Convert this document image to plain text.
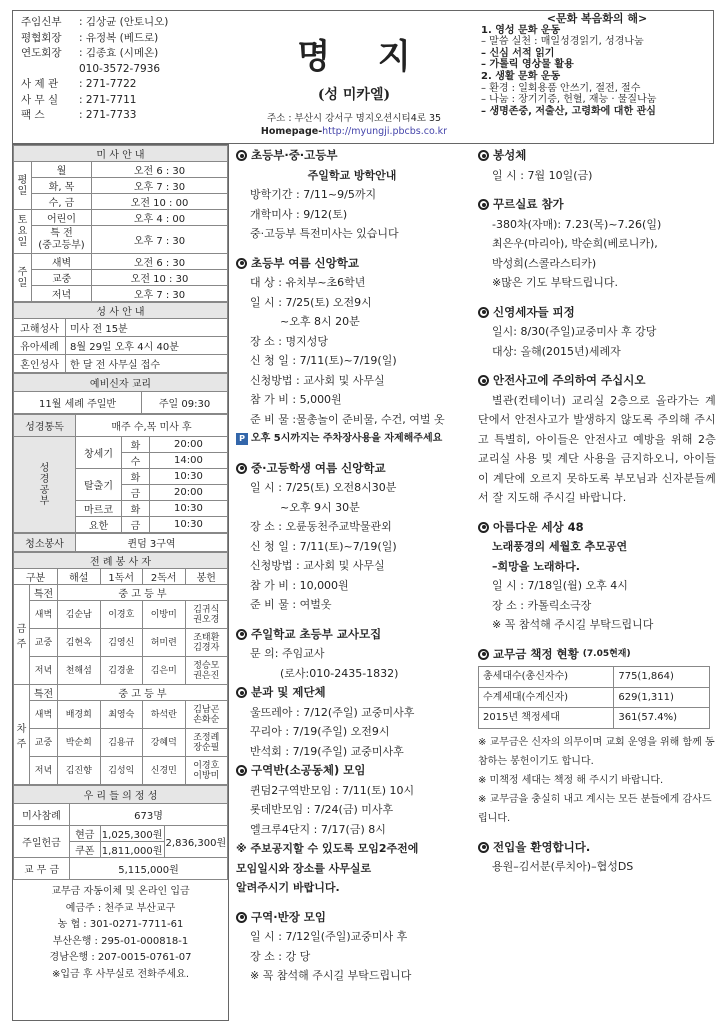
주임신부	: 김상균 (안토니오)
평협회장	: 유정복 (베드로)
연도회장	: 김종효 (시메온)
010-3572-7936
사 제 관	: 271-7722
사 무 실	: 271-7711
팩 스	: 271-7733
명 지
(성 미카엘)
주소 : 부산시 강서구 명지오션시티4로 35
Homepage-http://myungji.pbcbs.co.kr
<문화 복음화의 해>
1. 영성 문화 운동
– 말씀 실천 : 매일성경읽기, 성경나눔
– 신심 서적 읽기
– 가톨릭 영상물 활용
2. 생활 문화 운동
– 환경 : 일회용품 안쓰기, 절전, 절수
– 나눔 : 장기기증, 헌혈, 재능 · 물질나눔
– 생명존중, 저출산, 고령화에 대한 관심
미 사 안 내		
평
일	월	오전 6 : 30
	화, 목	오후 7 : 30
	수, 금	오전 10 : 00
토
요
일	어린이	오후 4 : 00
	특 전
(중고등부)	오후 7 : 30
주
일	새벽	오전 6 : 30
	교중	오전 10 : 30
	저녁	오후 7 : 30
성 사 안 내	
고해성사	미사 전 15분
유아세례	8월 29일 오후 4시 40분
혼인성사	한 달 전 사무실 접수
예비신자 교리
11월 세례 주일반	주일 09:30
성경통독	매주 수,목 미사 후		
성
경
공
부	창세기	화	20:00
		수	14:00
	탈출기	화	10:30
		금	20:00
	마르코	화	10:30
	요한	금	10:30
청소봉사	퀸덤 3구역
전 례 봉 사 자					
구분		해설	1독서	2독서	봉헌
금주	특전	중 고 등 부			
	새벽	김순남	이경호	이방미	김귀식
권오경
	교중	김현옥	김영신	허미련	조태환
김경자
	저녁	천해섬	김경윤	김은미	정승모
권은진
차주	특전	중 고 등 부			
	새벽	배경희	최영숙	하석란	김남곤
손화순
	교중	박순희	김용규	강혜덕	조정례
장순필
	저녁	김진향	김성익	신경민	이경호
이방미
우 리 들 의 정 성
미사참례	673명
주일헌금	
현금	1,025,300원
쿠폰	1,811,000원
	2,836,300원

교 무 금	5,115,000원
교무금 자동이체 및 온라인 입금
예금주 : 천주교 부산교구
농 협 : 301-0271-7711-61
부산은행 : 295-01-000818-1
경남은행 : 207-0015-0761-07
※입금 후 사무실로 전화주세요.
초등부·중·고등부
주일학교 방학안내
방학기간 : 7/11~9/5까지
개학미사 : 9/12(토)
중·고등부 특전미사는 있습니다
초등부 여름 신앙학교
대 상 : 유치부~초6학년
일 시 : 7/25(토) 오전9시
~오후 8시 20분
장 소 : 명지성당
신 청 일 : 7/11(토)~7/19(일)
신청방법 : 교사회 및 사무실
참 가 비 : 5,000원
준 비 물 :물총놀이 준비물, 수건, 여벌 옷
P 오후 5시까지는 주차장사용을 자제해주세요
중·고등학생 여름 신앙학교
일 시 : 7/25(토) 오전8시30분
~오후 9시 30분
장 소 : 오륜동천주교박물관외
신 청 일 : 7/11(토)~7/19(일)
신청방법 : 교사회 및 사무실
참 가 비 : 10,000원
준 비 물 : 여벌옷
주일학교 초등부 교사모집
문 의: 주임교사
(로사:010-2435-1832)
분과 및 제단체
울뜨레아 : 7/12(주일) 교중미사후
꾸리아 : 7/19(주일) 오전9시
반석회 : 7/19(주일) 교중미사후
구역반(소공동체) 모임
퀸덤2구역반모임 : 7/11(토) 10시
롯데반모임 : 7/24(금) 미사후
엘크루4단지 : 7/17(금) 8시
※ 주보공지할 수 있도록 모임2주전에
모임일시와 장소를 사무실로
알려주시기 바랍니다.
구역·반장 모임
일 시 : 7/12일(주일)교중미사 후
장 소 : 강 당
※ 꼭 참석해 주시길 부탁드립니다
봉성체
일 시 : 7월 10일(금)
꾸르실료 참가
-380차(자매): 7.23(목)~7.26(일)
최은우(마리아), 박순희(베로니카),
박성희(스콜라스티카)
※많은 기도 부탁드립니다.
신영세자들 피정
일시: 8/30(주일)교중미사 후 강당
대상: 올해(2015년)세례자
안전사고에 주의하여 주십시오
별관(컨테이너) 교리실 2층으로 올라가는 계단에서 안전사고가 발생하지 않도록 주의해 주시고 특별히, 아이들은 안전사고 예방을 위해 2층 교리실 사용 및 계단 사용을 금지하오니, 아이들이 계단에 오르지 못하도록 부모님과 신자분들께서 잘 지도해 주시길 바랍니다.
아름다운 세상 48
노래풍경의 세월호 추모공연
–희망을 노래하다.
일 시 : 7/18일(월) 오후 4시
장 소 : 카톨릭소극장
※ 꼭 참석해 주시길 부탁드립니다
교무금 책정 현황 (7.05현재)
총세대수(총신자수)	775(1,864)
수계세대(수계신자)	629(1,311)
2015년 책정세대	361(57.4%)
※ 교무금은 신자의 의무이며 교회 운영을 위해 함께 동참하는 봉헌이기도 합니다.
※ 미책정 세대는 책정 해 주시기 바랍니다.
※ 교무금을 충실히 내고 계시는 모든 분들에게 감사드립니다.
전입을 환영합니다.
용원–김서분(루치아)–협성DS
